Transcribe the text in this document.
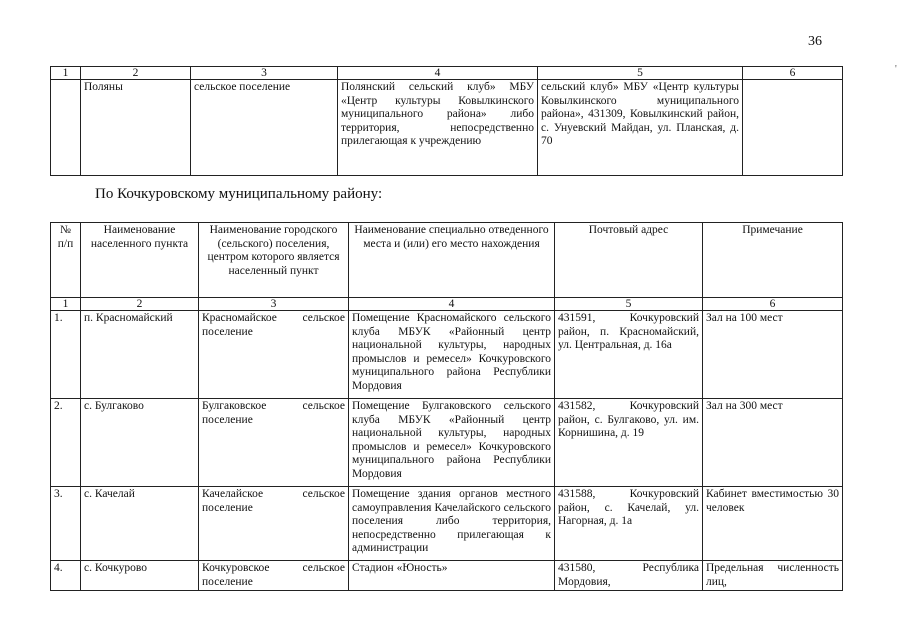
36
'
1	2	3	4	5	6
	Поляны	сельское поселение	Полянский сельский клуб» МБУ «Центр культуры Ковылкинского муниципального района» либо территория, непосредственно прилегающая к учреждению	сельский клуб» МБУ «Центр культуры Ковылкинского муниципального района», 431309, Ковылкинский район, с. Унуевский Майдан, ул. Планская, д. 70	
По Кочкуровскому муниципальному району:
№ п/п	Наименование населенного пункта	Наименование городского (сельского) поселения, центром которого является населенный пункт	Наименование специально отведенного места и (или) его место нахождения	Почтовый адрес	Примечание
1	2	3	4	5	6
1.	п. Красномайский	Красномайское сельское поселение	Помещение Красномайского сельского клуба МБУК «Районный центр национальной культуры, народных промыслов и ремесел» Кочкуровского муниципального района Республики Мордовия	431591, Кочкуровский район, п. Красномайский, ул. Центральная, д. 16а	Зал на 100 мест
2.	с. Булгаково	Булгаковское сельское поселение	Помещение Булгаковского сельского клуба МБУК «Районный центр национальной культуры, народных промыслов и ремесел» Кочкуровского муниципального района Республики Мордовия	431582, Кочкуровский район, с. Булгаково, ул. им. Корнишина, д. 19	Зал на 300 мест
3.	с. Качелай	Качелайское сельское поселение	Помещение здания органов местного самоуправления Качелайского сельского поселения либо территория, непосредственно прилегающая к администрации	431588, Кочкуровский район, с. Качелай, ул. Нагорная, д. 1а	Кабинет вместимостью 30 человек
4.	с. Кочкурово	Кочкуровское сельское поселение	Стадион «Юность»	431580, Республика Мордовия,	Предельная численность лиц,
